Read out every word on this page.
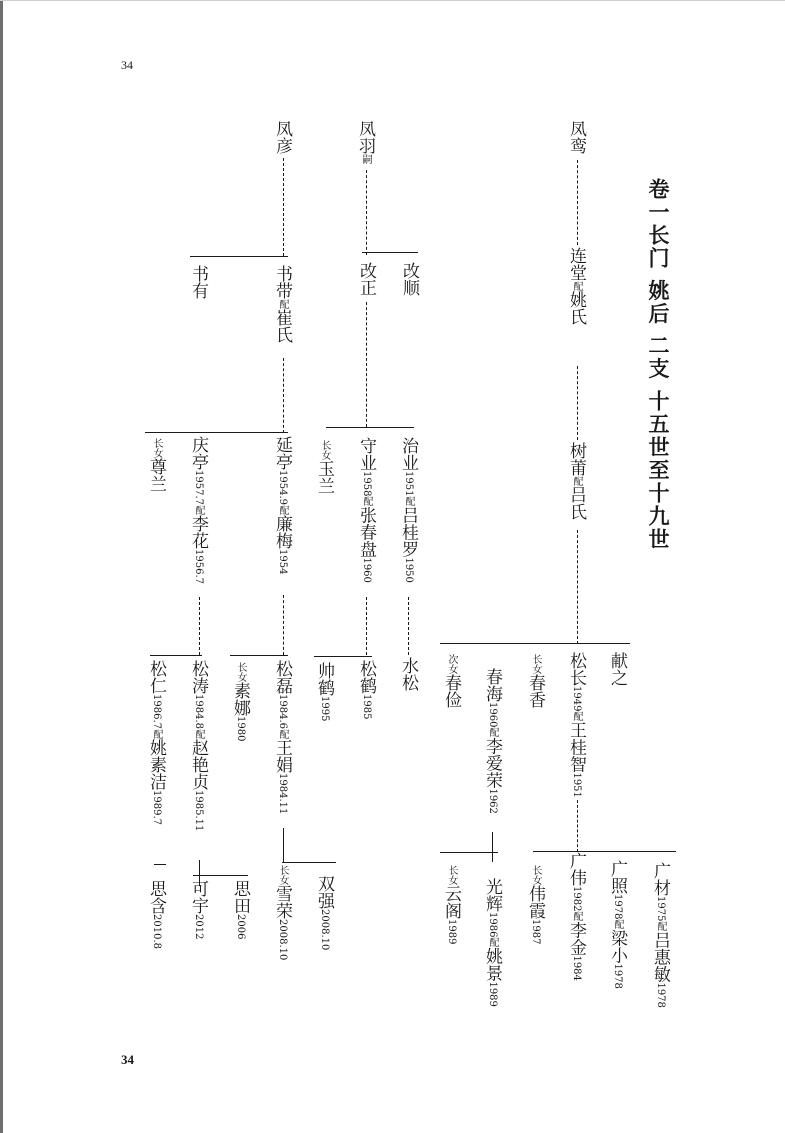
34
34
卷一长门 姚后 二支 十五世至十九世
凤鸾
凤羽嗣
凤彦
连堂配姚氏
改顺
改正
书带配崔氏
书有
树莆配吕氏
治业1951配吕桂罗1950
守业1958配张春盘1960
长女玉兰
延亭1954.9配廉梅1954
庆亭1957.7配李花1956.7
长女尊兰
献之
松长1949配王桂智1951
长女春香
春海1960配李爱荣1962
次女春俭
水松
松鹤1985
帅鹤1995
松磊1984.6配王娟1984.11
长女素娜1980
松涛1984.8配赵艳贞1985.11
松仁1986.7配姚素洁1989.7
广材1975配吕惠敏1978
广照1978配梁小1978
广伟1982配李金1984
长女伟霞1987
光辉1986配姚景1989
长女云阁1989
双强2008.10
长女雪荣2008.10
思田2006
可宇2012
思含2010.8
